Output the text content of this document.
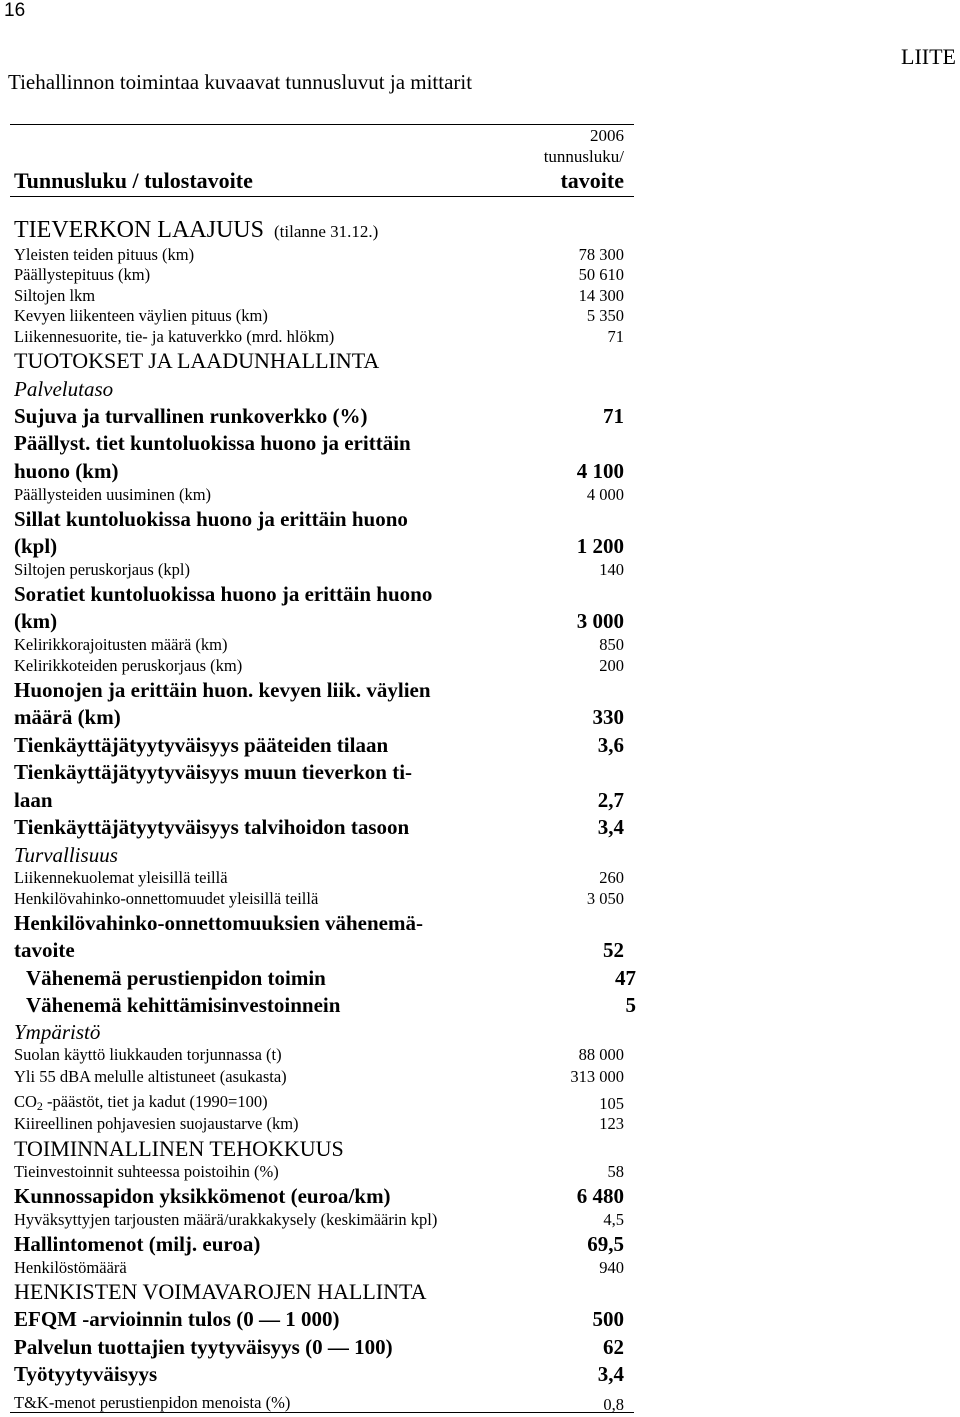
16
LIITE
Tiehallinnon toimintaa kuvaavat tunnusluvut ja mittarit
2006
tunnusluku/
tavoite
Tunnusluku / tulostavoite
TIEVERKON LAAJUUS (tilanne 31.12.)
Yleisten teiden pituus (km)	78 300
Päällystepituus (km)	50 610
Siltojen lkm	14 300
Kevyen liikenteen väylien pituus (km)	5 350
Liikennesuorite, tie- ja katuverkko (mrd. hlökm)	71
TUOTOKSET JA LAADUNHALLINTA
Palvelutaso
Sujuva ja turvallinen runkoverkko (%)	71
Päällyst. tiet kuntoluokissa huono ja erittäin
huono (km)	4 100
Päällysteiden uusiminen (km)	4 000
Sillat kuntoluokissa huono ja erittäin huono
(kpl)	1 200
Siltojen peruskorjaus (kpl)	140
Soratiet kuntoluokissa huono ja erittäin huono
(km)	3 000
Kelirikkorajoitusten määrä (km)	850
Kelirikkoteiden peruskorjaus (km)	200
Huonojen ja erittäin huon. kevyen liik. väylien
määrä (km)	330
Tienkäyttäjätyytyväisyys pääteiden tilaan	3,6
Tienkäyttäjätyytyväisyys muun tieverkon ti-
laan	2,7
Tienkäyttäjätyytyväisyys talvihoidon tasoon	3,4
Turvallisuus
Liikennekuolemat yleisillä teillä	260
Henkilövahinko-onnettomuudet yleisillä teillä	3 050
Henkilövahinko-onnettomuuksien vähenemä-
tavoite	52
Vähenemä perustienpidon toimin	47
Vähenemä kehittämisinvestoinnein	5
Ympäristö
Suolan käyttö liukkauden torjunnassa (t)	88 000
Yli 55 dBA melulle altistuneet (asukasta)	313 000
$CO_2$ -päästöt, tiet ja kadut (1990=100)	105
Kiireellinen pohjavesien suojaustarve (km)	123
TOIMINNALLINEN TEHOKKUUS
Tieinvestoinnit suhteessa poistoihin (%)	58
Kunnossapidon yksikkömenot (euroa/km)	6 480
Hyväksyttyjen tarjousten määrä/urakkakysely (keskimäärin kpl)	4,5
Hallintomenot (milj. euroa)	69,5
Henkilöstömäärä	940
HENKISTEN VOIMAVAROJEN HALLINTA
EFQM -arvioinnin tulos (0 — 1 000)	500
Palvelun tuottajien tyytyväisyys (0 — 100)	62
Työtyytyväisyys	3,4
T&K-menot perustienpidon menoista (%)	0,8
